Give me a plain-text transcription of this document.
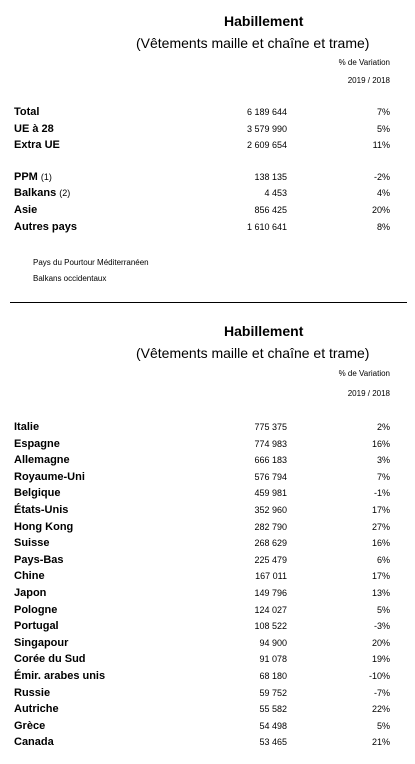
Habillement
(Vêtements maille et chaîne et trame)
% de Variation
2019 / 2018
Total	6 189 644	7%
UE à 28	3 579 990	5%
Extra UE	2 609 654	11%
PPM (1)	138 135	-2%
Balkans (2)	4 453	4%
Asie	856 425	20%
Autres pays	1 610 641	8%
Pays du Pourtour Méditerranéen
Balkans occidentaux
Habillement
(Vêtements maille et chaîne et trame)
% de Variation
2019 / 2018
Italie	775 375	2%
Espagne	774 983	16%
Allemagne	666 183	3%
Royaume-Uni	576 794	7%
Belgique	459 981	-1%
États-Unis	352 960	17%
Hong Kong	282 790	27%
Suisse	268 629	16%
Pays-Bas	225 479	6%
Chine	167 011	17%
Japon	149 796	13%
Pologne	124 027	5%
Portugal	108 522	-3%
Singapour	94 900	20%
Corée du Sud	91 078	19%
Émir. arabes unis	68 180	-10%
Russie	59 752	-7%
Autriche	55 582	22%
Grèce	54 498	5%
Canada	53 465	21%
